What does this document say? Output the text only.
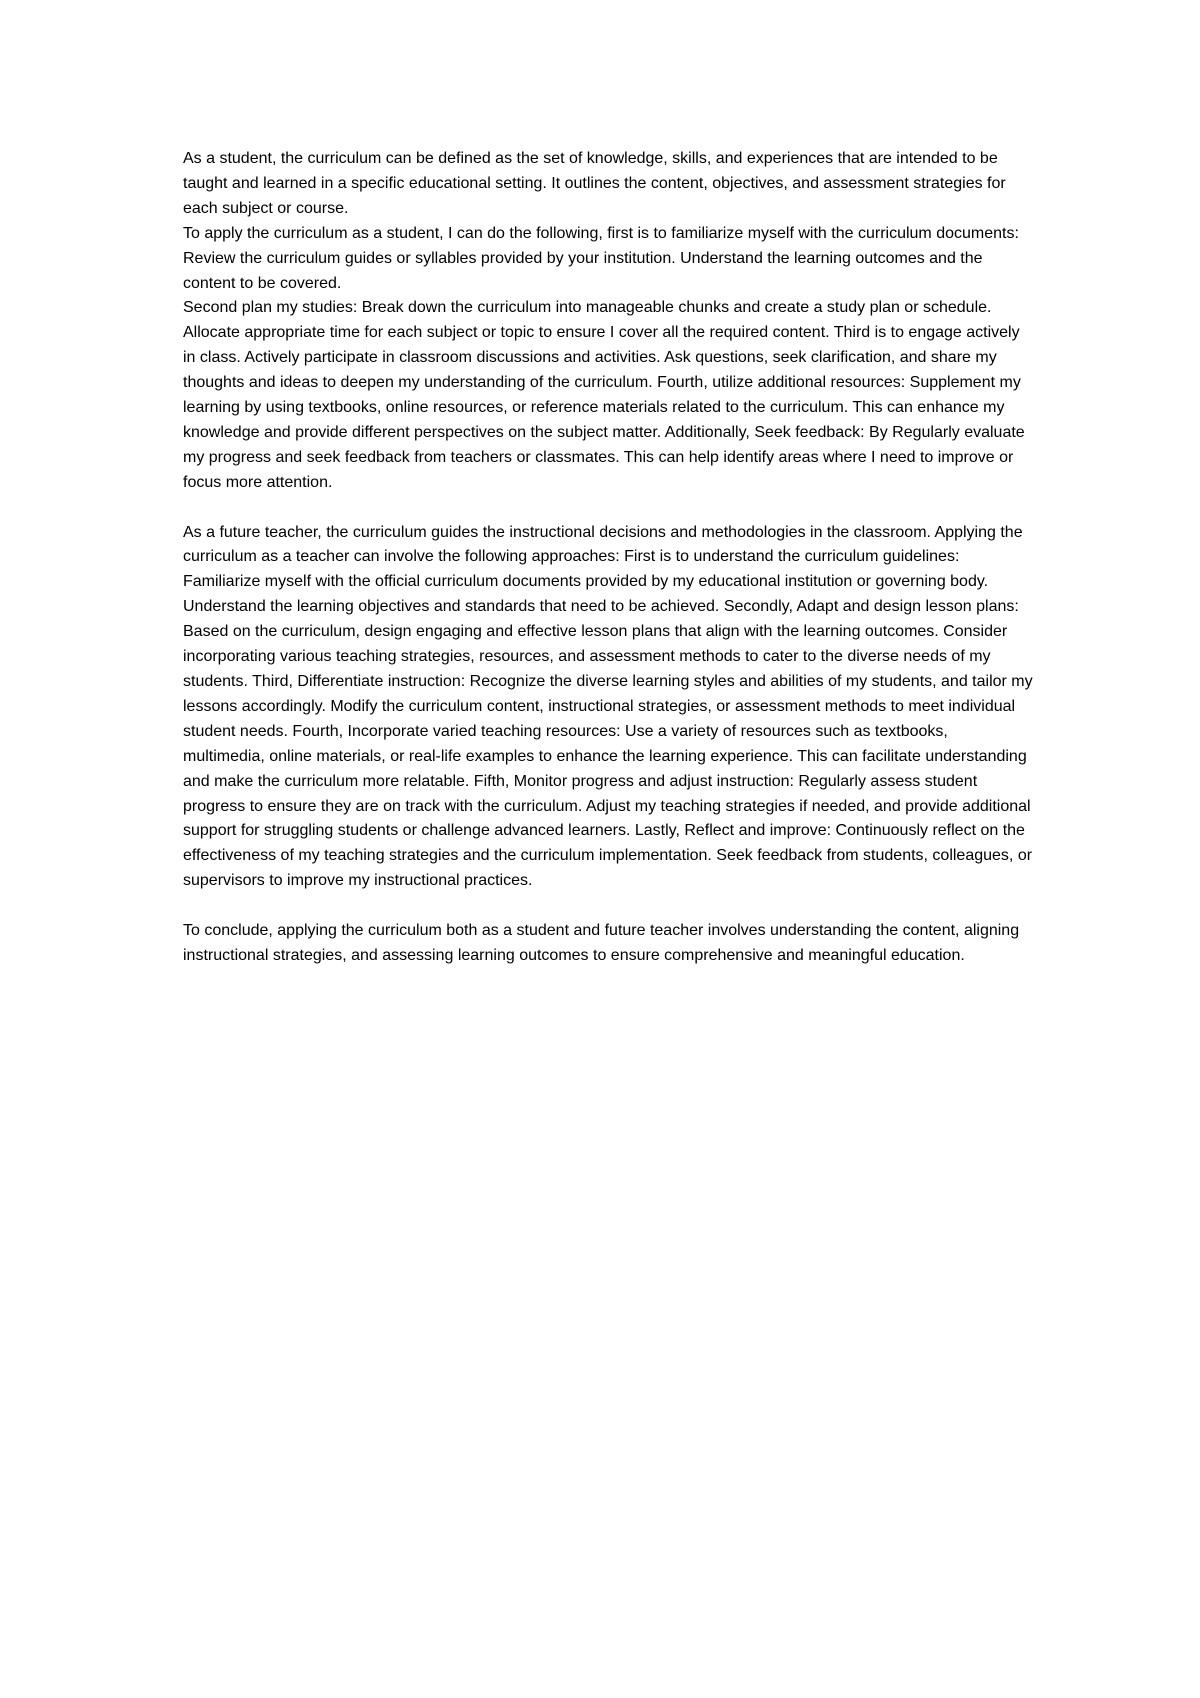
As a student, the curriculum can be defined as the set of knowledge, skills, and experiences that are intended to be taught and learned in a specific educational setting. It outlines the content, objectives, and assessment strategies for each subject or course.

To apply the curriculum as a student, I can do the following, first is to familiarize myself with the curriculum documents: Review the curriculum guides or syllables provided by your institution. Understand the learning outcomes and the content to be covered.

Second plan my studies: Break down the curriculum into manageable chunks and create a study plan or schedule. Allocate appropriate time for each subject or topic to ensure I cover all the required content. Third is to engage actively in class. Actively participate in classroom discussions and activities. Ask questions, seek clarification, and share my thoughts and ideas to deepen my understanding of the curriculum. Fourth, utilize additional resources: Supplement my learning by using textbooks, online resources, or reference materials related to the curriculum. This can enhance my knowledge and provide different perspectives on the subject matter. Additionally, Seek feedback: By Regularly evaluate my progress and seek feedback from teachers or classmates. This can help identify areas where I need to improve or focus more attention.

As a future teacher, the curriculum guides the instructional decisions and methodologies in the classroom. Applying the curriculum as a teacher can involve the following approaches: First is to understand the curriculum guidelines: Familiarize myself with the official curriculum documents provided by my educational institution or governing body. Understand the learning objectives and standards that need to be achieved. Secondly, Adapt and design lesson plans: Based on the curriculum, design engaging and effective lesson plans that align with the learning outcomes. Consider incorporating various teaching strategies, resources, and assessment methods to cater to the diverse needs of my students. Third, Differentiate instruction: Recognize the diverse learning styles and abilities of my students, and tailor my lessons accordingly. Modify the curriculum content, instructional strategies, or assessment methods to meet individual student needs. Fourth, Incorporate varied teaching resources: Use a variety of resources such as textbooks, multimedia, online materials, or real-life examples to enhance the learning experience. This can facilitate understanding and make the curriculum more relatable. Fifth, Monitor progress and adjust instruction: Regularly assess student progress to ensure they are on track with the curriculum. Adjust my teaching strategies if needed, and provide additional support for struggling students or challenge advanced learners. Lastly, Reflect and improve: Continuously reflect on the effectiveness of my teaching strategies and the curriculum implementation. Seek feedback from students, colleagues, or supervisors to improve my instructional practices.

To conclude, applying the curriculum both as a student and future teacher involves understanding the content, aligning instructional strategies, and assessing learning outcomes to ensure comprehensive and meaningful education.
